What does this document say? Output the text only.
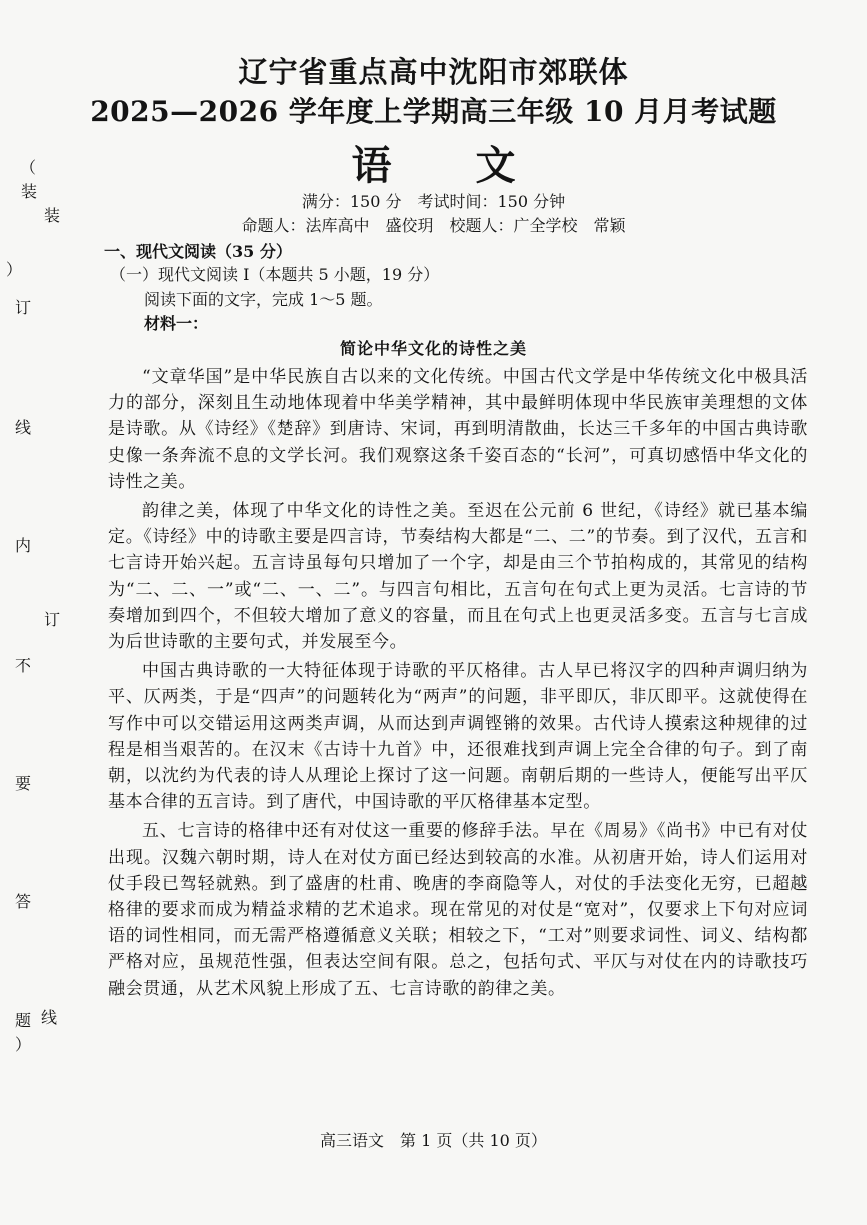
（
装
）
订
线
内
不
要
答
题
）
装
订
线
辽宁省重点高中沈阳市郊联体
2025—2026 学年度上学期高三年级 10 月月考试题
语　文
满分：150 分　考试时间：150 分钟
命题人：法库高中　盛佼玥　校题人：广全学校　常颖
一、现代文阅读（35 分）
（一）现代文阅读 I（本题共 5 小题，19 分）
阅读下面的文字，完成 1～5 题。
材料一：
简论中华文化的诗性之美

“文章华国”是中华民族自古以来的文化传统。中国古代文学是中华传统文化中极具活力的部分，深刻且生动地体现着中华美学精神，其中最鲜明体现中华民族审美理想的文体是诗歌。从《诗经》《楚辞》到唐诗、宋词，再到明清散曲，长达三千多年的中国古典诗歌史像一条奔流不息的文学长河。我们观察这条千姿百态的“长河”，可真切感悟中华文化的诗性之美。

韵律之美，体现了中华文化的诗性之美。至迟在公元前 6 世纪，《诗经》就已基本编定。《诗经》中的诗歌主要是四言诗，节奏结构大都是“二、二”的节奏。到了汉代，五言和七言诗开始兴起。五言诗虽每句只增加了一个字，却是由三个节拍构成的，其常见的结构为“二、二、一”或“二、一、二”。与四言句相比，五言句在句式上更为灵活。七言诗的节奏增加到四个，不但较大增加了意义的容量，而且在句式上也更灵活多变。五言与七言成为后世诗歌的主要句式，并发展至今。

中国古典诗歌的一大特征体现于诗歌的平仄格律。古人早已将汉字的四种声调归纳为平、仄两类，于是“四声”的问题转化为“两声”的问题，非平即仄，非仄即平。这就使得在写作中可以交错运用这两类声调，从而达到声调铿锵的效果。古代诗人摸索这种规律的过程是相当艰苦的。在汉末《古诗十九首》中，还很难找到声调上完全合律的句子。到了南朝，以沈约为代表的诗人从理论上探讨了这一问题。南朝后期的一些诗人，便能写出平仄基本合律的五言诗。到了唐代，中国诗歌的平仄格律基本定型。

五、七言诗的格律中还有对仗这一重要的修辞手法。早在《周易》《尚书》中已有对仗出现。汉魏六朝时期，诗人在对仗方面已经达到较高的水准。从初唐开始，诗人们运用对仗手段已驾轻就熟。到了盛唐的杜甫、晚唐的李商隐等人，对仗的手法变化无穷，已超越格律的要求而成为精益求精的艺术追求。现在常见的对仗是“宽对”，仅要求上下句对应词语的词性相同，而无需严格遵循意义关联；相较之下，“工对”则要求词性、词义、结构都严格对应，虽规范性强，但表达空间有限。总之，包括句式、平仄与对仗在内的诗歌技巧融会贯通，从艺术风貌上形成了五、七言诗歌的韵律之美。

高三语文　第 1 页（共 10 页）
